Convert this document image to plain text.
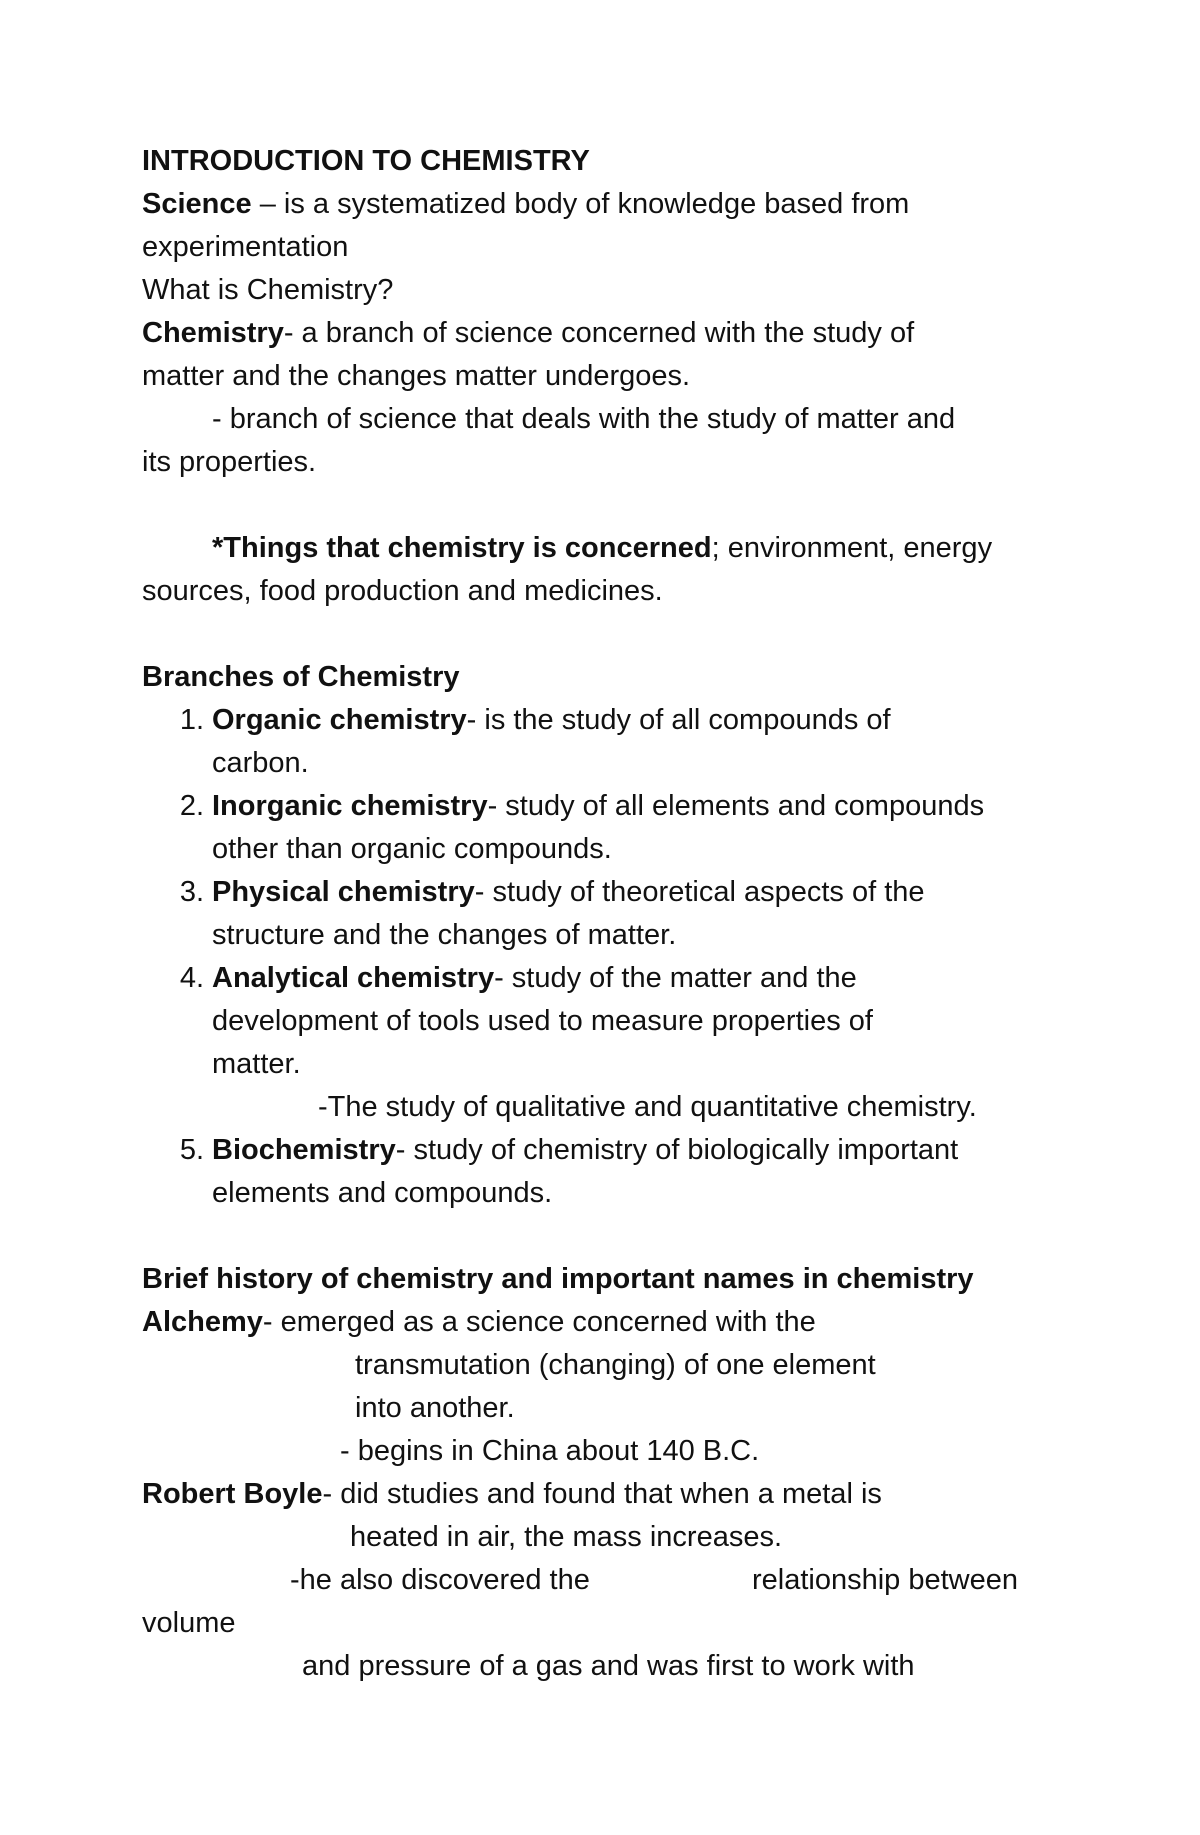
INTRODUCTION TO CHEMISTRY
Science – is a systematized body of knowledge based from
experimentation
What is Chemistry?
Chemistry- a branch of science concerned with the study of
matter and the changes matter undergoes.
- branch of science that deals with the study of matter and
its properties.
*Things that chemistry is concerned; environment, energy
sources, food production and medicines.
Branches of Chemistry
1. Organic chemistry- is the study of all compounds of
carbon.
2. Inorganic chemistry- study of all elements and compounds
other than organic compounds.
3. Physical chemistry- study of theoretical aspects of the
structure and the changes of matter.
4. Analytical chemistry- study of the matter and the
development of tools used to measure properties of
matter.
-The study of qualitative and quantitative chemistry.
5. Biochemistry- study of chemistry of biologically important
elements and compounds.
Brief history of chemistry and important names in chemistry
Alchemy- emerged as a science concerned with the
transmutation (changing) of one element
into another.
- begins in China about 140 B.C.
Robert Boyle- did studies and found that when a metal is
heated in air, the mass increases.
-he also discovered the	relationship between
volume
and pressure of a gas and was first to work with
